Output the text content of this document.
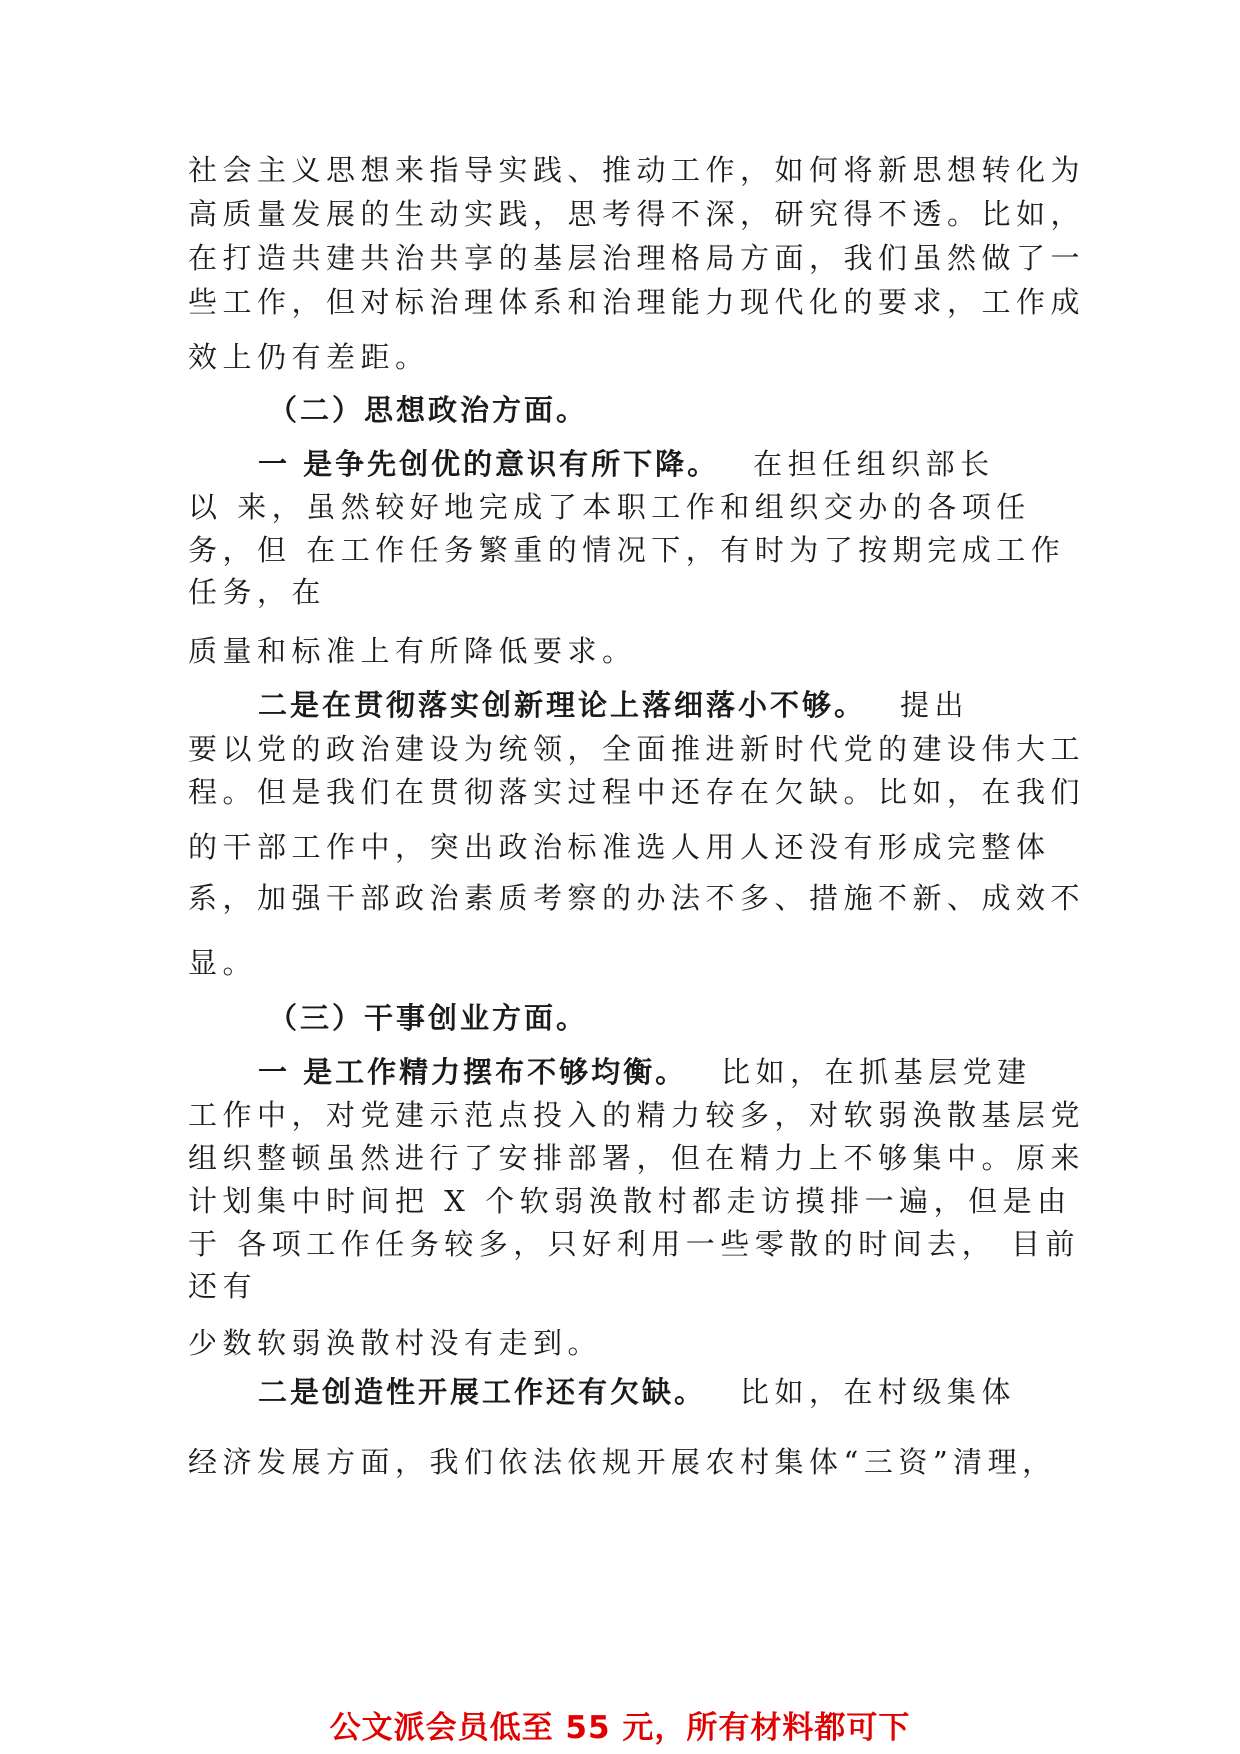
社会主义思想来指导实践、推动工作，如何将新思想转化为
高质量发展的生动实践，思考得不深，研究得不透。比如，
在打造共建共治共享的基层治理格局方面，我们虽然做了一
些工作，但对标治理体系和治理能力现代化的要求，工作成
效上仍有差距。
（二）思想政治方面。
一 是争先创优的意识有所下降。 在担任组织部长
以 来，虽然较好地完成了本职工作和组织交办的各项任
务，但 在工作任务繁重的情况下，有时为了按期完成工作
任务，在
质量和标准上有所降低要求。
二是在贯彻落实创新理论上落细落小不够。 提出
要以党的政治建设为统领，全面推进新时代党的建设伟大工
程。但是我们在贯彻落实过程中还存在欠缺。比如，在我们
的干部工作中，突出政治标准选人用人还没有形成完整体
系，加强干部政治素质考察的办法不多、措施不新、成效不
显。
（三）干事创业方面。
一 是工作精力摆布不够均衡。 比如，在抓基层党建
工作中，对党建示范点投入的精力较多，对软弱涣散基层党
组织整顿虽然进行了安排部署，但在精力上不够集中。原来
计划集中时间把 X 个软弱涣散村都走访摸排一遍，但是由
于 各项工作任务较多，只好利用一些零散的时间去， 目前
还有
少数软弱涣散村没有走到。
二是创造性开展工作还有欠缺。 比如，在村级集体
经济发展方面，我们依法依规开展农村集体“三资”清理，
公文派会员低至 55 元，所有材料都可下
